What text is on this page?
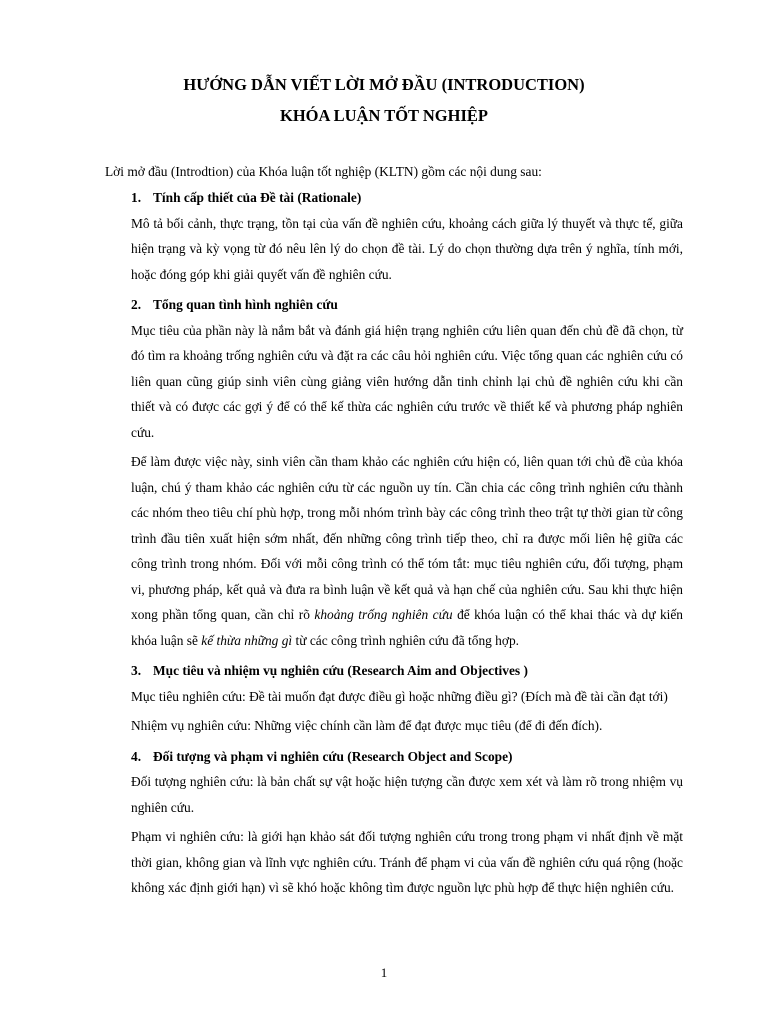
HƯỚNG DẪN VIẾT LỜI MỞ ĐẦU (INTRODUCTION)
KHÓA LUẬN TỐT NGHIỆP
Lời mở đầu (Introdtion) của Khóa luận tốt nghiệp (KLTN) gồm các nội dung sau:
1. Tính cấp thiết của Đề tài (Rationale)

Mô tả bối cảnh, thực trạng, tồn tại của vấn đề nghiên cứu, khoảng cách giữa lý thuyết và thực tế, giữa hiện trạng và kỳ vọng từ đó nêu lên lý do chọn đề tài. Lý do chọn thường dựa trên ý nghĩa, tính mới, hoặc đóng góp khi giải quyết vấn đề nghiên cứu.

2. Tổng quan tình hình nghiên cứu

Mục tiêu của phần này là nắm bắt và đánh giá hiện trạng nghiên cứu liên quan đến chủ đề đã chọn, từ đó tìm ra khoảng trống nghiên cứu và đặt ra các câu hỏi nghiên cứu. Việc tổng quan các nghiên cứu có liên quan cũng giúp sinh viên cùng giảng viên hướng dẫn tinh chỉnh lại chủ đề nghiên cứu khi cần thiết và có được các gợi ý để có thể kế thừa các nghiên cứu trước về thiết kế và phương pháp nghiên cứu.

Để làm được việc này, sinh viên cần tham khảo các nghiên cứu hiện có, liên quan tới chủ đề của khóa luận, chú ý tham khảo các nghiên cứu từ các nguồn uy tín. Cần chia các công trình nghiên cứu thành các nhóm theo tiêu chí phù hợp, trong mỗi nhóm trình bày các công trình theo trật tự thời gian từ công trình đầu tiên xuất hiện sớm nhất, đến những công trình tiếp theo, chỉ ra được mối liên hệ giữa các công trình trong nhóm. Đối với mỗi công trình có thể tóm tắt: mục tiêu nghiên cứu, đối tượng, phạm vi, phương pháp, kết quả và đưa ra bình luận về kết quả và hạn chế của nghiên cứu. Sau khi thực hiện xong phần tổng quan, cần chỉ rõ khoảng trống nghiên cứu để khóa luận có thể khai thác và dự kiến khóa luận sẽ kế thừa những gì từ các công trình nghiên cứu đã tổng hợp.

3. Mục tiêu và nhiệm vụ nghiên cứu (Research Aim and Objectives )

Mục tiêu nghiên cứu: Đề tài muốn đạt được điều gì hoặc những điều gì? (Đích mà đề tài cần đạt tới)

Nhiệm vụ nghiên cứu: Những việc chính cần làm để đạt được mục tiêu (để đi đến đích).

4. Đối tượng và phạm vi nghiên cứu (Research Object and Scope)

Đối tượng nghiên cứu: là bản chất sự vật hoặc hiện tượng cần được xem xét và làm rõ trong nhiệm vụ nghiên cứu.

Phạm vi nghiên cứu: là giới hạn khảo sát đối tượng nghiên cứu trong trong phạm vi nhất định về mặt thời gian, không gian và lĩnh vực nghiên cứu. Tránh để phạm vi của vấn đề nghiên cứu quá rộng (hoặc không xác định giới hạn) vì sẽ khó hoặc không tìm được nguồn lực phù hợp để thực hiện nghiên cứu.

1
